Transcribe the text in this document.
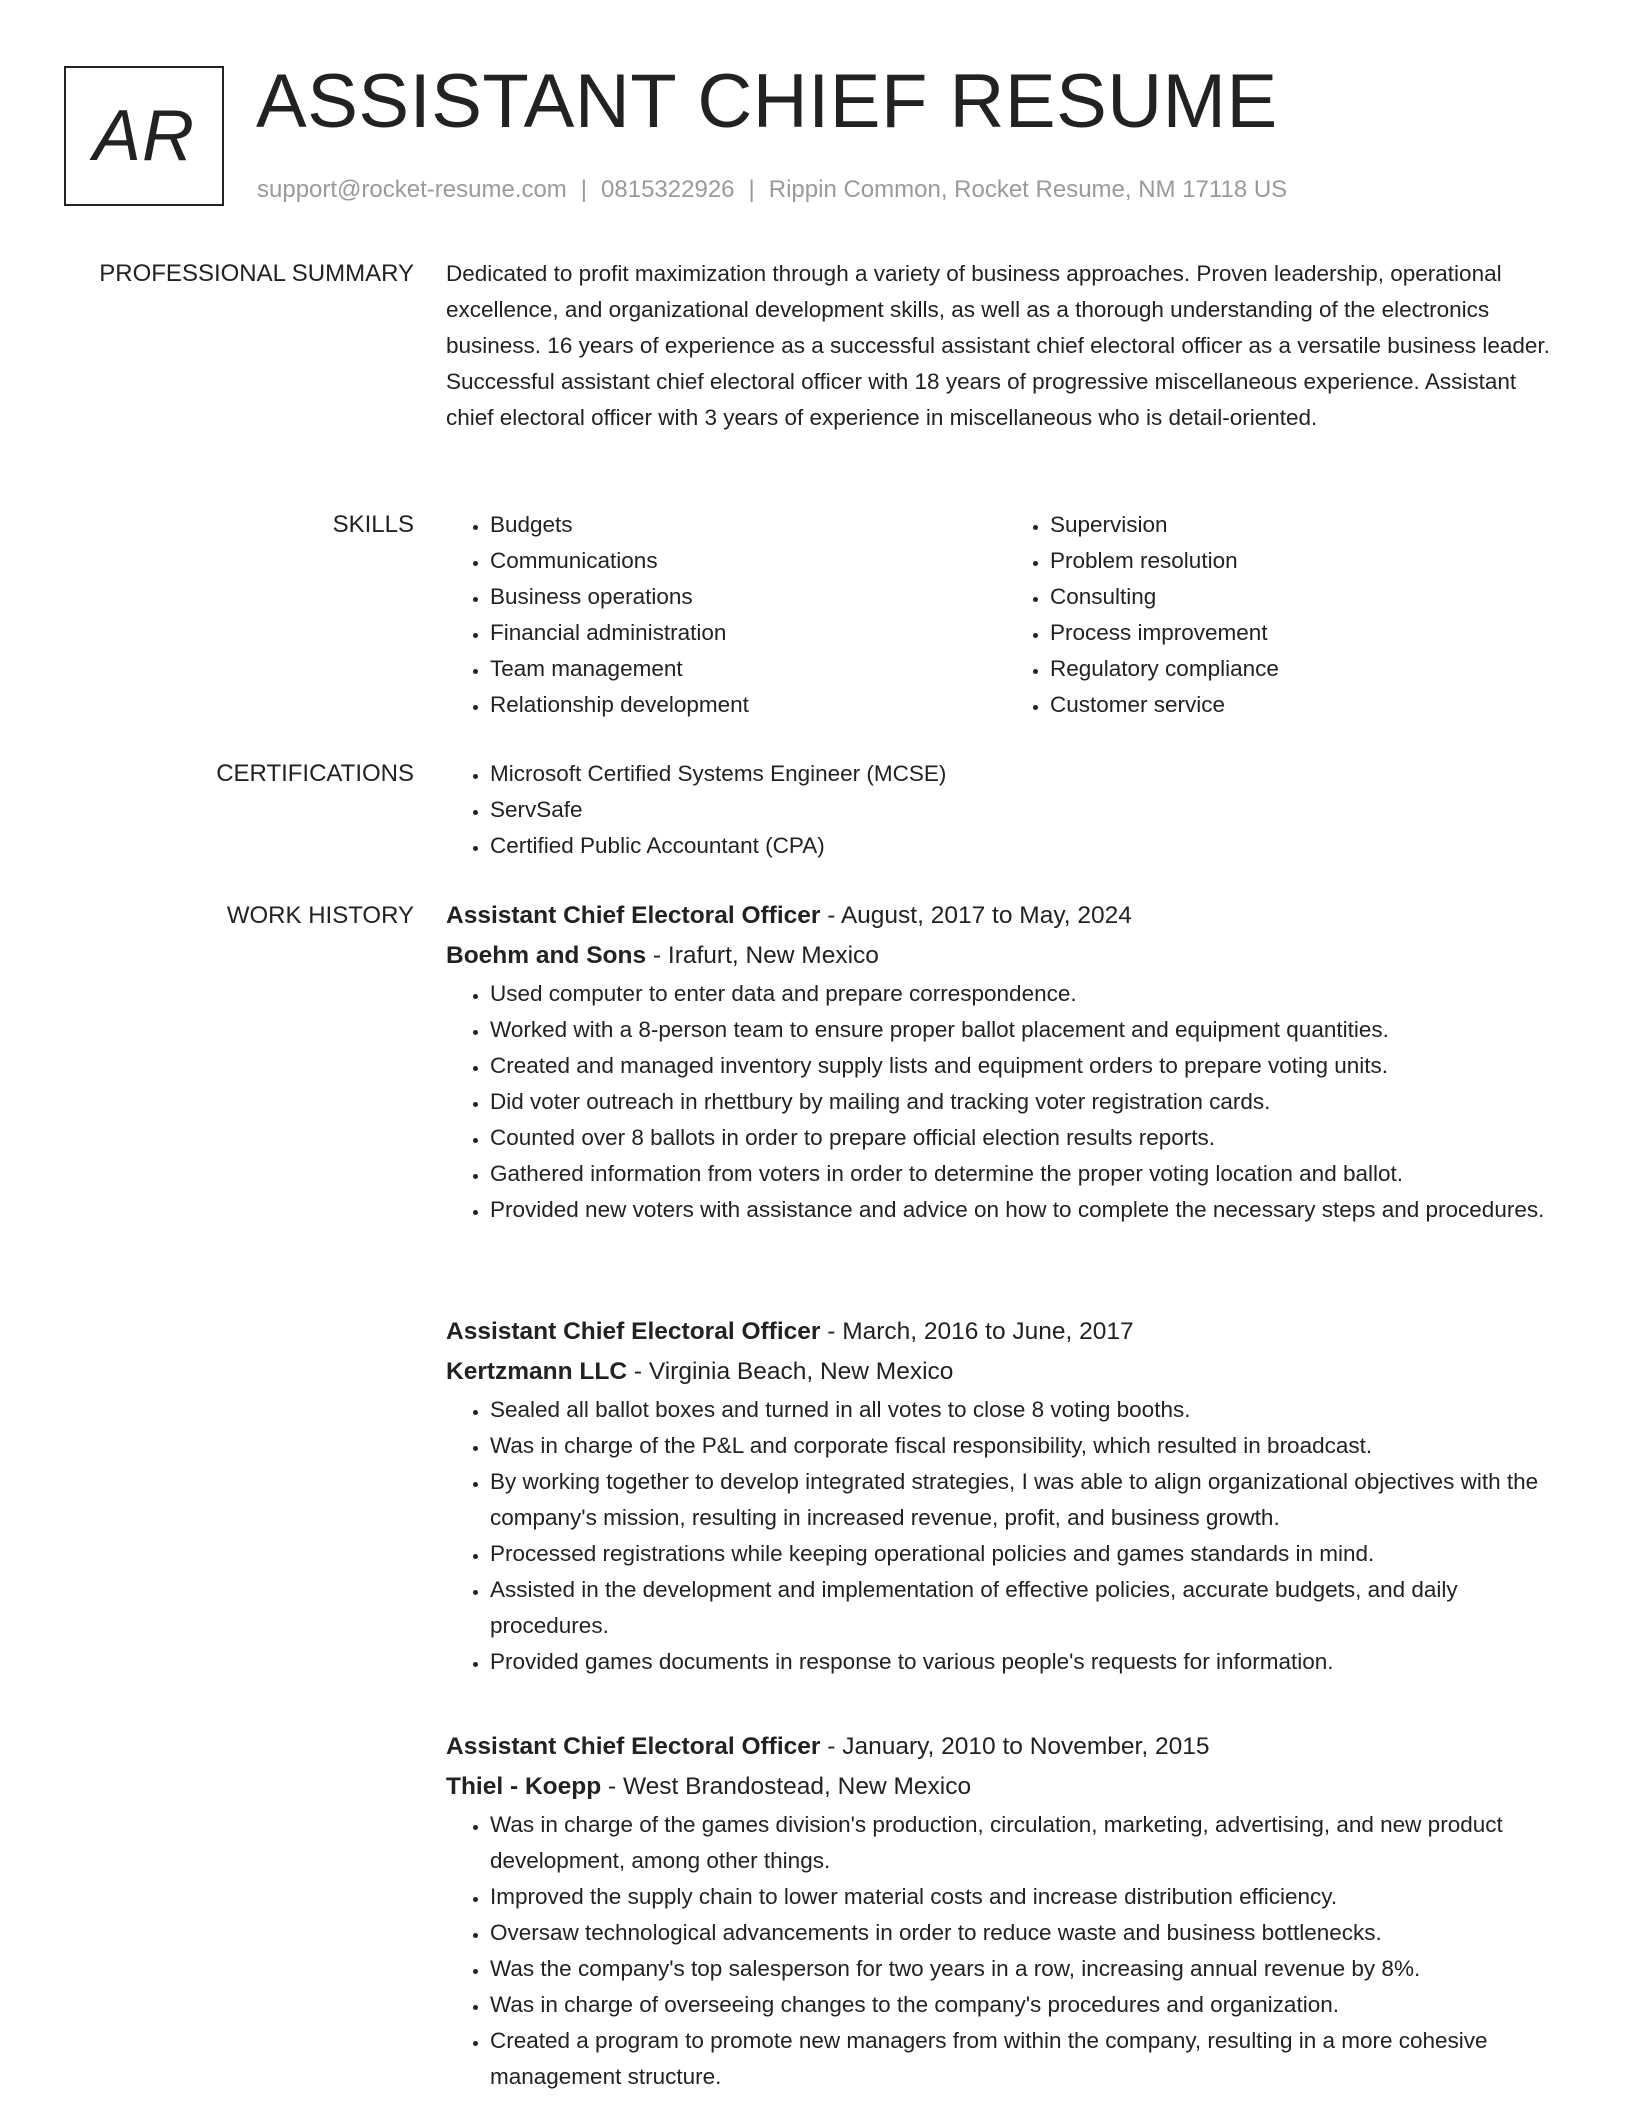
AR ASSISTANT CHIEF RESUME
support@rocket-resume.com | 0815322926 | Rippin Common, Rocket Resume, NM 17118 US
PROFESSIONAL SUMMARY Dedicated to profit maximization through a variety of business approaches. Proven leadership, operational excellence, and organizational development skills, as well as a thorough understanding of the electronics business. 16 years of experience as a successful assistant chief electoral officer as a versatile business leader. Successful assistant chief electoral officer with 18 years of progressive miscellaneous experience. Assistant chief electoral officer with 3 years of experience in miscellaneous who is detail-oriented.

SKILLS	• Budgets
• Communications
• Business operations
• Financial administration
• Team management
• Relationship development
• Supervision
• Problem resolution
• Consulting
• Process improvement
• Regulatory compliance
• Customer service
CERTIFICATIONS	• Microsoft Certified Systems Engineer (MCSE)
• ServSafe
• Certified Public Accountant (CPA)
WORK HISTORY Assistant Chief Electoral Officer - August, 2017 to May, 2024
Boehm and Sons - Irafurt, New Mexico
• Used computer to enter data and prepare correspondence.
• Worked with a 8-person team to ensure proper ballot placement and equipment quantities.
• Created and managed inventory supply lists and equipment orders to prepare voting units.
• Did voter outreach in rhettbury by mailing and tracking voter registration cards.
• Counted over 8 ballots in order to prepare official election results reports.
• Gathered information from voters in order to determine the proper voting location and ballot.
• Provided new voters with assistance and advice on how to complete the necessary steps and procedures.
Assistant Chief Electoral Officer - March, 2016 to June, 2017
Kertzmann LLC - Virginia Beach, New Mexico
• Sealed all ballot boxes and turned in all votes to close 8 voting booths.
• Was in charge of the P&L and corporate fiscal responsibility, which resulted in broadcast.
• By working together to develop integrated strategies, I was able to align organizational objectives with the company's mission, resulting in increased revenue, profit, and business growth.
• Processed registrations while keeping operational policies and games standards in mind.
• Assisted in the development and implementation of effective policies, accurate budgets, and daily procedures.
• Provided games documents in response to various people's requests for information.
Assistant Chief Electoral Officer - January, 2010 to November, 2015
Thiel - Koepp - West Brandostead, New Mexico
• Was in charge of the games division's production, circulation, marketing, advertising, and new product development, among other things.
• Improved the supply chain to lower material costs and increase distribution efficiency.
• Oversaw technological advancements in order to reduce waste and business bottlenecks.
• Was the company's top salesperson for two years in a row, increasing annual revenue by 8%.
• Was in charge of overseeing changes to the company's procedures and organization.
• Created a program to promote new managers from within the company, resulting in a more cohesive management structure.
